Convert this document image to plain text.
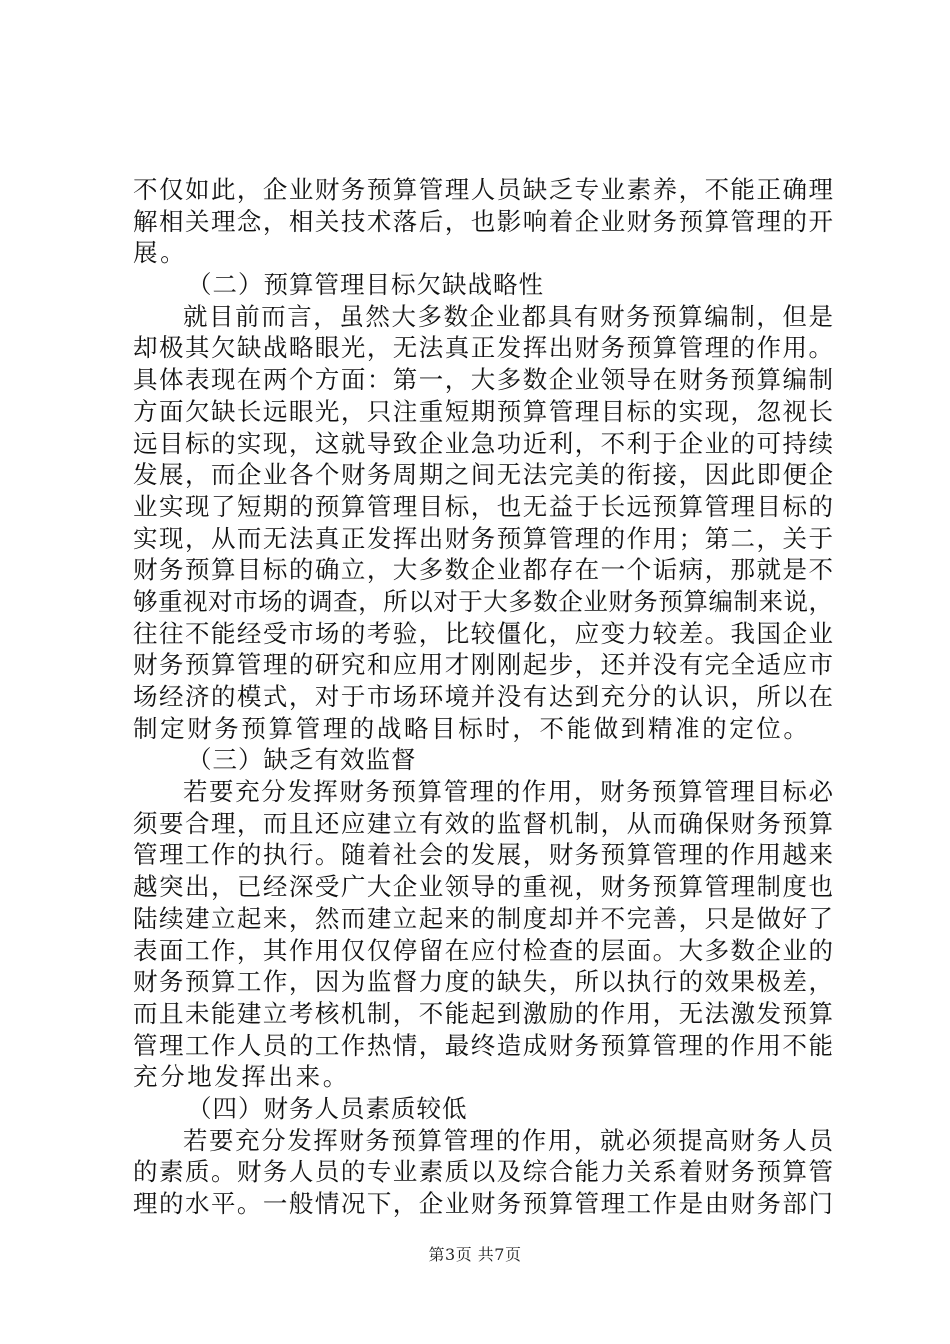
不仅如此，企业财务预算管理人员缺乏专业素养，不能正确理
解相关理念，相关技术落后，也影响着企业财务预算管理的开
展。
（二）预算管理目标欠缺战略性
就目前而言，虽然大多数企业都具有财务预算编制，但是
却极其欠缺战略眼光，无法真正发挥出财务预算管理的作用。
具体表现在两个方面：第一，大多数企业领导在财务预算编制
方面欠缺长远眼光，只注重短期预算管理目标的实现，忽视长
远目标的实现，这就导致企业急功近利，不利于企业的可持续
发展，而企业各个财务周期之间无法完美的衔接，因此即便企
业实现了短期的预算管理目标，也无益于长远预算管理目标的
实现，从而无法真正发挥出财务预算管理的作用；第二，关于
财务预算目标的确立，大多数企业都存在一个诟病，那就是不
够重视对市场的调查，所以对于大多数企业财务预算编制来说，
往往不能经受市场的考验，比较僵化，应变力较差。我国企业
财务预算管理的研究和应用才刚刚起步，还并没有完全适应市
场经济的模式，对于市场环境并没有达到充分的认识，所以在
制定财务预算管理的战略目标时，不能做到精准的定位。
（三）缺乏有效监督
若要充分发挥财务预算管理的作用，财务预算管理目标必
须要合理，而且还应建立有效的监督机制，从而确保财务预算
管理工作的执行。随着社会的发展，财务预算管理的作用越来
越突出，已经深受广大企业领导的重视，财务预算管理制度也
陆续建立起来，然而建立起来的制度却并不完善，只是做好了
表面工作，其作用仅仅停留在应付检查的层面。大多数企业的
财务预算工作，因为监督力度的缺失，所以执行的效果极差，
而且未能建立考核机制，不能起到激励的作用，无法激发预算
管理工作人员的工作热情，最终造成财务预算管理的作用不能
充分地发挥出来。
（四）财务人员素质较低
若要充分发挥财务预算管理的作用，就必须提高财务人员
的素质。财务人员的专业素质以及综合能力关系着财务预算管
理的水平。一般情况下，企业财务预算管理工作是由财务部门
第3页 共7页
